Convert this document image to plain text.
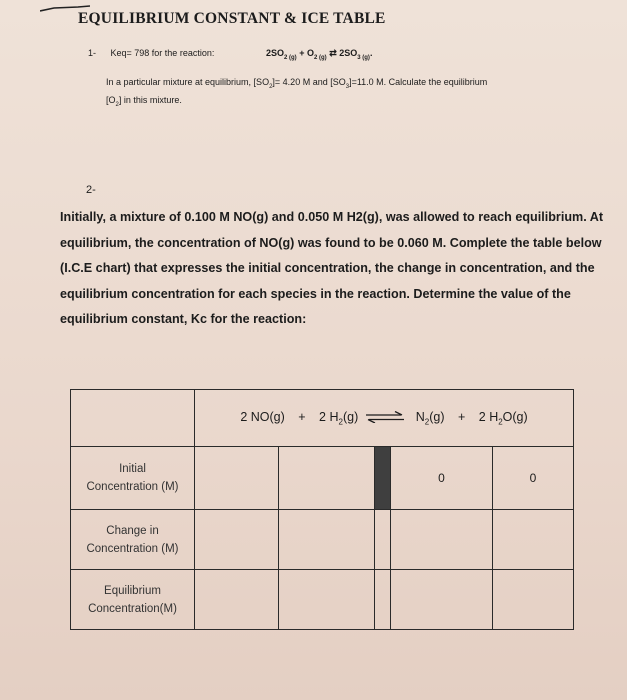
EQUILIBRIUM CONSTANT & ICE TABLE
1- Keq= 798 for the reaction:	$2SO_{2 (g)} + O_{2 (g)}$ ⇄ $2SO_{3 (g)}$.
In a particular mixture at equilibrium, $[SO_2]= 4.20$ M and $[SO_3]=11.0$ M. Calculate the equilibrium
$[O_2]$ in this mixture.
2-
Initially, a mixture of 0.100 M NO(g) and 0.050 M H2(g), was allowed to reach equilibrium. At equilibrium, the concentration of NO(g) was found to be 0.060 M. Complete the table below (I.C.E chart) that expresses the initial concentration, the change in concentration, and the equilibrium concentration for each species in the reaction. Determine the value of the equilibrium constant, Kc for the reaction:
	2 NO(g) + 2 $H_2(g)$ ⇌ $N_2(g) + 2$ $H_2O(g)$				
Initial
Concentration (M)				0	0
Change in
Concentration (M)					
Equilibrium
Concentration(M)					
